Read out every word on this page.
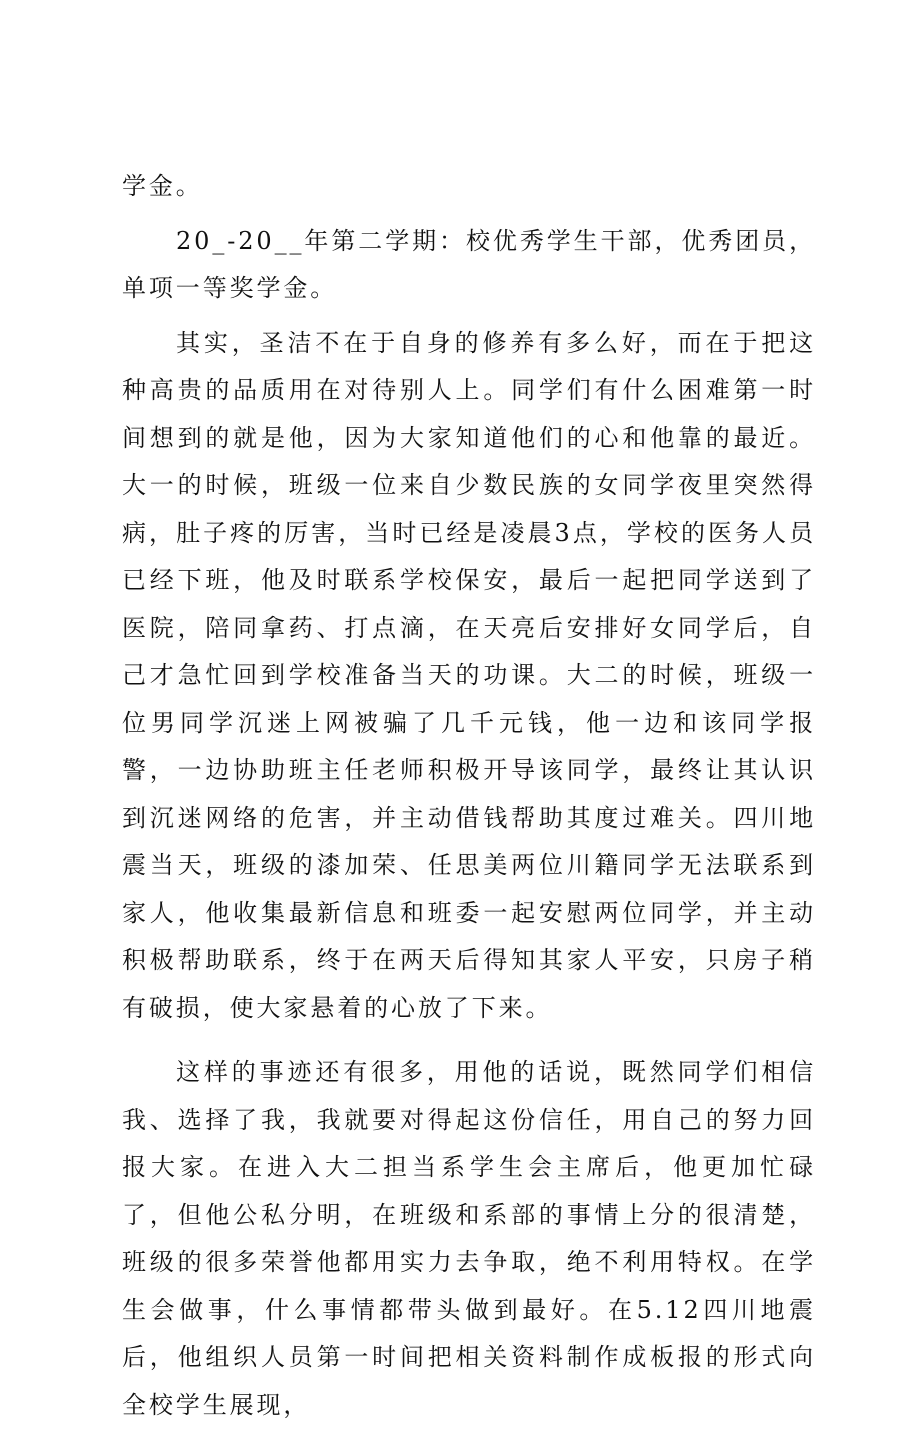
学金。

20_-20__年第二学期：校优秀学生干部，优秀团员，单项一等奖学金。

其实，圣洁不在于自身的修养有多么好，而在于把这种高贵的品质用在对待别人上。同学们有什么困难第一时间想到的就是他，因为大家知道他们的心和他靠的最近。大一的时候，班级一位来自少数民族的女同学夜里突然得病，肚子疼的厉害，当时已经是凌晨3点，学校的医务人员已经下班，他及时联系学校保安，最后一起把同学送到了医院，陪同拿药、打点滴，在天亮后安排好女同学后，自己才急忙回到学校准备当天的功课。大二的时候，班级一位男同学沉迷上网被骗了几千元钱，他一边和该同学报警，一边协助班主任老师积极开导该同学，最终让其认识到沉迷网络的危害，并主动借钱帮助其度过难关。四川地震当天，班级的漆加荣、任思美两位川籍同学无法联系到家人，他收集最新信息和班委一起安慰两位同学，并主动积极帮助联系，终于在两天后得知其家人平安，只房子稍有破损，使大家悬着的心放了下来。

这样的事迹还有很多，用他的话说，既然同学们相信我、选择了我，我就要对得起这份信任，用自己的努力回报大家。在进入大二担当系学生会主席后，他更加忙碌了，但他公私分明，在班级和系部的事情上分的很清楚，班级的很多荣誉他都用实力去争取，绝不利用特权。在学生会做事，什么事情都带头做到最好。在5.12四川地震后，他组织人员第一时间把相关资料制作成板报的形式向全校学生展现，
